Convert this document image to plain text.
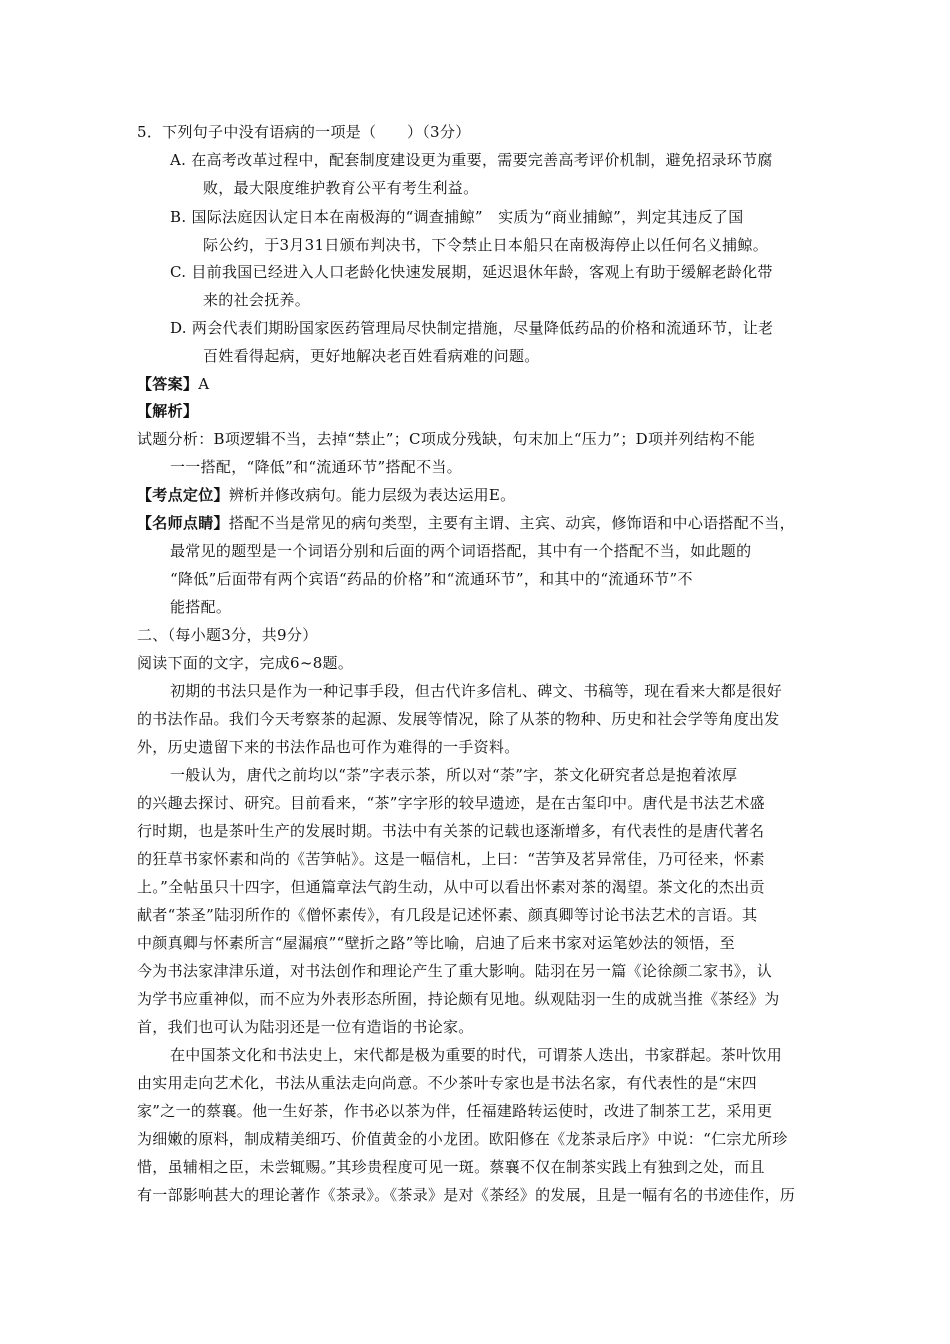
5．下列句子中没有语病的一项是（　　）（3分）
A. 在高考改革过程中，配套制度建设更为重要，需要完善高考评价机制，避免招录环节腐
败，最大限度维护教育公平有考生利益。
B. 国际法庭因认定日本在南极海的“调查捕鲸”　实质为“商业捕鲸”，判定其违反了国
际公约，于3月31日颁布判决书，下令禁止日本船只在南极海停止以任何名义捕鲸。
C. 目前我国已经进入人口老龄化快速发展期，延迟退休年龄，客观上有助于缓解老龄化带
来的社会抚养。
D. 两会代表们期盼国家医药管理局尽快制定措施，尽量降低药品的价格和流通环节，让老
百姓看得起病，更好地解决老百姓看病难的问题。
【答案】A
【解析】
试题分析：B项逻辑不当，去掉“禁止”；C项成分残缺，句末加上“压力”；D项并列结构不能
一一搭配，“降低”和“流通环节”搭配不当。
【考点定位】辨析并修改病句。能力层级为表达运用E。
【名师点睛】搭配不当是常见的病句类型，主要有主谓、主宾、动宾，修饰语和中心语搭配不当，
最常见的题型是一个词语分别和后面的两个词语搭配，其中有一个搭配不当，如此题的
“降低”后面带有两个宾语“药品的价格”和“流通环节”，和其中的“流通环节”不
能搭配。
二、（每小题3分，共9分）
阅读下面的文字，完成6~8题。
初期的书法只是作为一种记事手段，但古代许多信札、碑文、书稿等，现在看来大都是很好
的书法作品。我们今天考察茶的起源、发展等情况，除了从茶的物种、历史和社会学等角度出发
外，历史遗留下来的书法作品也可作为难得的一手资料。
一般认为，唐代之前均以“荼”字表示茶，所以对“荼”字，茶文化研究者总是抱着浓厚
的兴趣去探讨、研究。目前看来，“茶”字字形的较早遗迹，是在古玺印中。唐代是书法艺术盛
行时期，也是茶叶生产的发展时期。书法中有关茶的记载也逐渐增多，有代表性的是唐代著名
的狂草书家怀素和尚的《苦笋帖》。这是一幅信札，上曰：“苦笋及茗异常佳，乃可径来，怀素
上。”全帖虽只十四字，但通篇章法气韵生动，从中可以看出怀素对茶的渴望。茶文化的杰出贡
献者“茶圣”陆羽所作的《僧怀素传》，有几段是记述怀素、颜真卿等讨论书法艺术的言语。其
中颜真卿与怀素所言“屋漏痕”“壁折之路”等比喻，启迪了后来书家对运笔妙法的领悟，至
今为书法家津津乐道，对书法创作和理论产生了重大影响。陆羽在另一篇《论徐颜二家书》，认
为学书应重神似，而不应为外表形态所囿，持论颇有见地。纵观陆羽一生的成就当推《茶经》为
首，我们也可认为陆羽还是一位有造诣的书论家。
在中国茶文化和书法史上，宋代都是极为重要的时代，可谓茶人迭出，书家群起。茶叶饮用
由实用走向艺术化，书法从重法走向尚意。不少茶叶专家也是书法名家，有代表性的是“宋四
家”之一的蔡襄。他一生好茶，作书必以茶为伴，任福建路转运使时，改进了制茶工艺，采用更
为细嫩的原料，制成精美细巧、价值黄金的小龙团。欧阳修在《龙茶录后序》中说：“仁宗尤所珍
惜，虽辅相之臣，未尝辄赐。”其珍贵程度可见一斑。蔡襄不仅在制茶实践上有独到之处，而且
有一部影响甚大的理论著作《茶录》。《茶录》是对《茶经》的发展，且是一幅有名的书迹佳作，历
